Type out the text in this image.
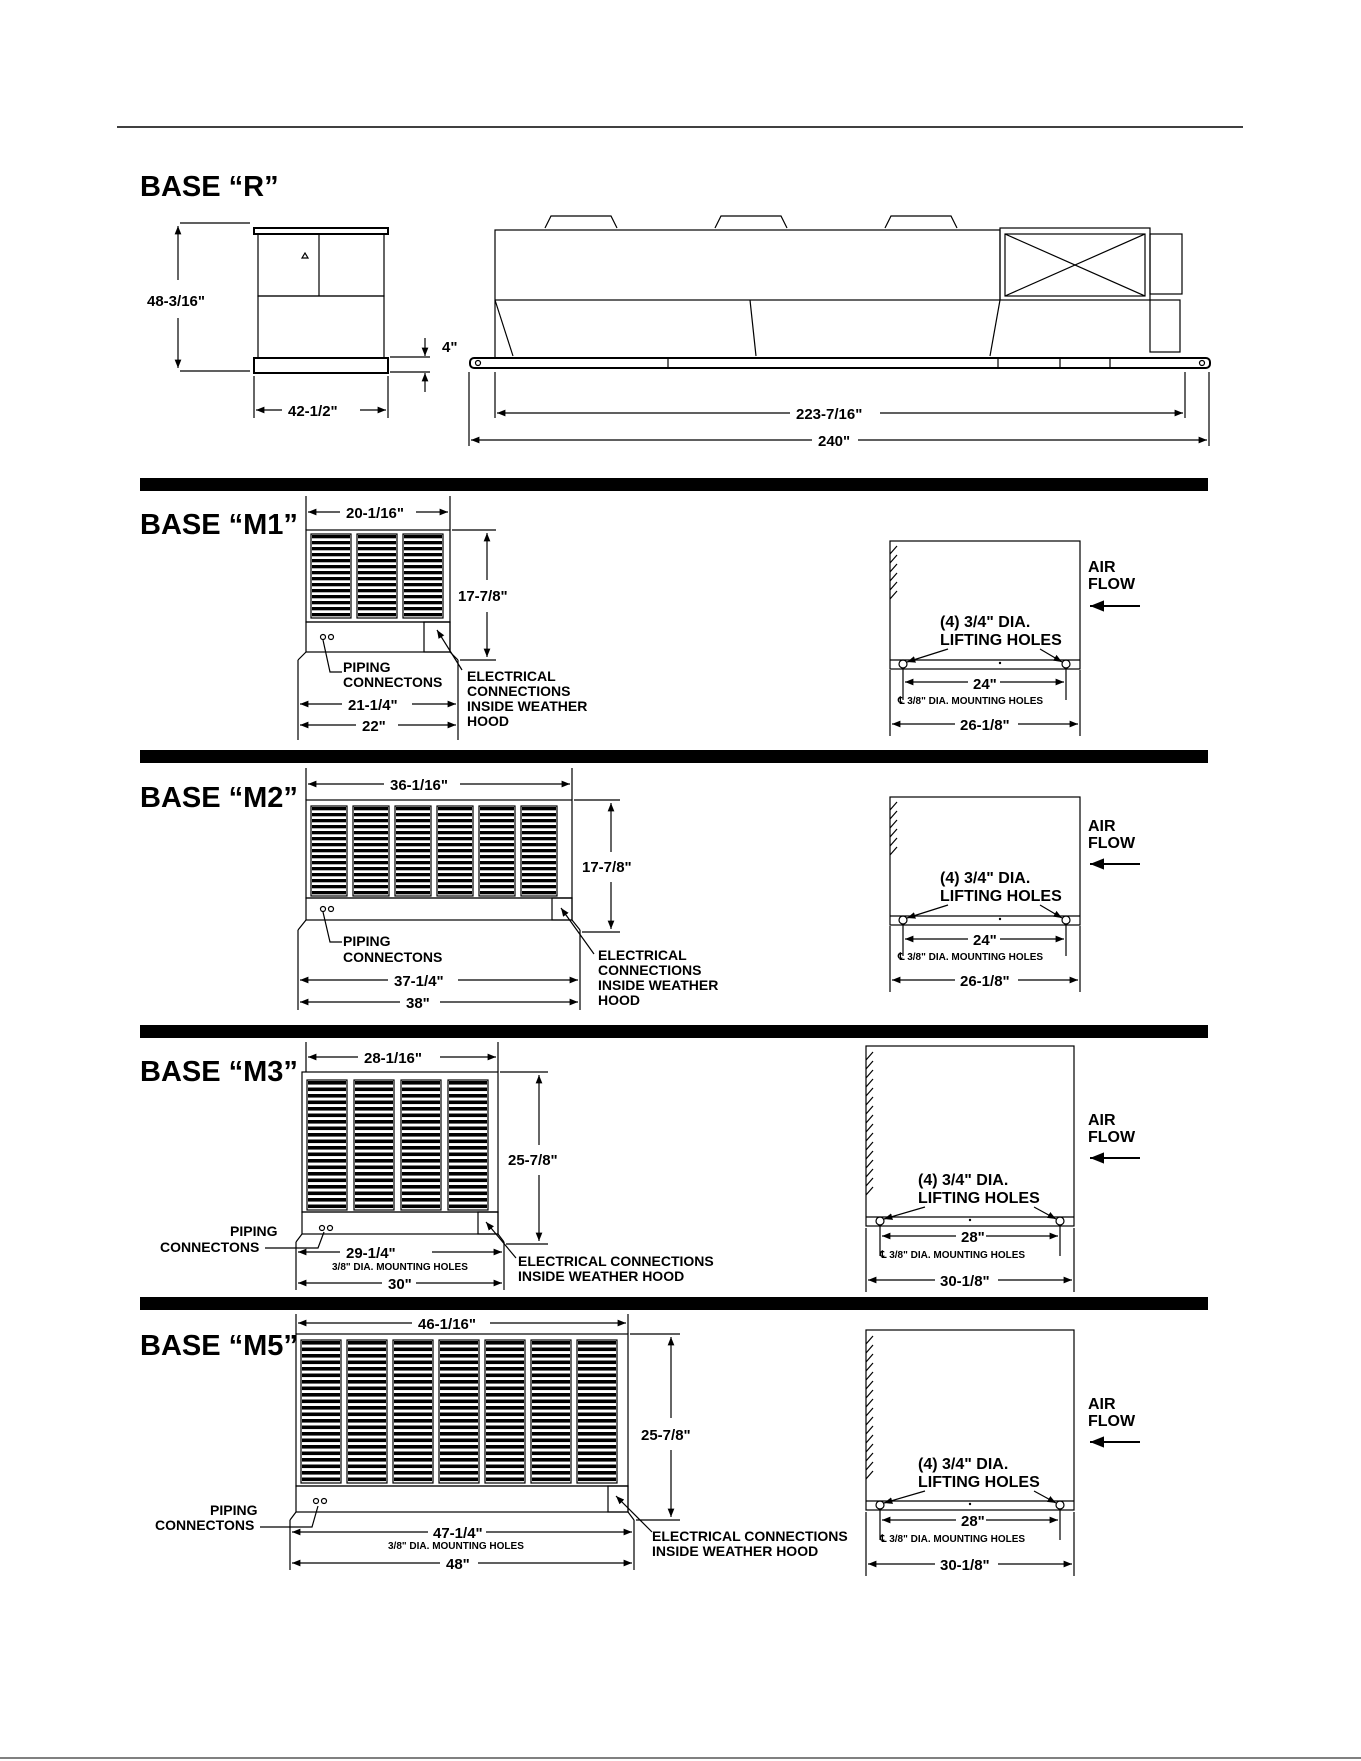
BASE “R”
48-3/16"
4"
42-1/2"	223-7/16"
240"
BASE “M1”	20-1/16"
17-7/8"
PIPING
CONNECTONS ELECTRICAL
CONNECTIONS
INSIDE WEATHER
HOOD
21-1/4"
22"
AIR
FLOW
(4) 3/4" DIA.
LIFTING HOLES
24"
℄ 3/8" DIA. MOUNTING HOLES
26-1/8"
BASE “M2”	36-1/16"
17-7/8"
PIPING
CONNECTONS	ELECTRICAL
CONNECTIONS
INSIDE WEATHER
HOOD
37-1/4"
38"
AIR
FLOW
(4) 3/4" DIA.
LIFTING HOLES
24"
℄ 3/8" DIA. MOUNTING HOLES
26-1/8"
BASE “M3”	28-1/16"
25-7/8"
PIPING
CONNECTONS
ELECTRICAL CONNECTIONS
INSIDE WEATHER HOOD
29-1/4"
3/8" DIA. MOUNTING HOLES
30"
AIR
FLOW
(4) 3/4" DIA.
LIFTING HOLES
28"
℄ 3/8" DIA. MOUNTING HOLES
30-1/8"
BASE “M5”
46-1/16"
25-7/8"
PIPING
CONNECTONS
ELECTRICAL CONNECTIONS
INSIDE WEATHER HOOD
47-1/4"
3/8" DIA. MOUNTING HOLES
48"
AIR
FLOW
(4) 3/4" DIA.
LIFTING HOLES
28"
℄ 3/8" DIA. MOUNTING HOLES
30-1/8"
